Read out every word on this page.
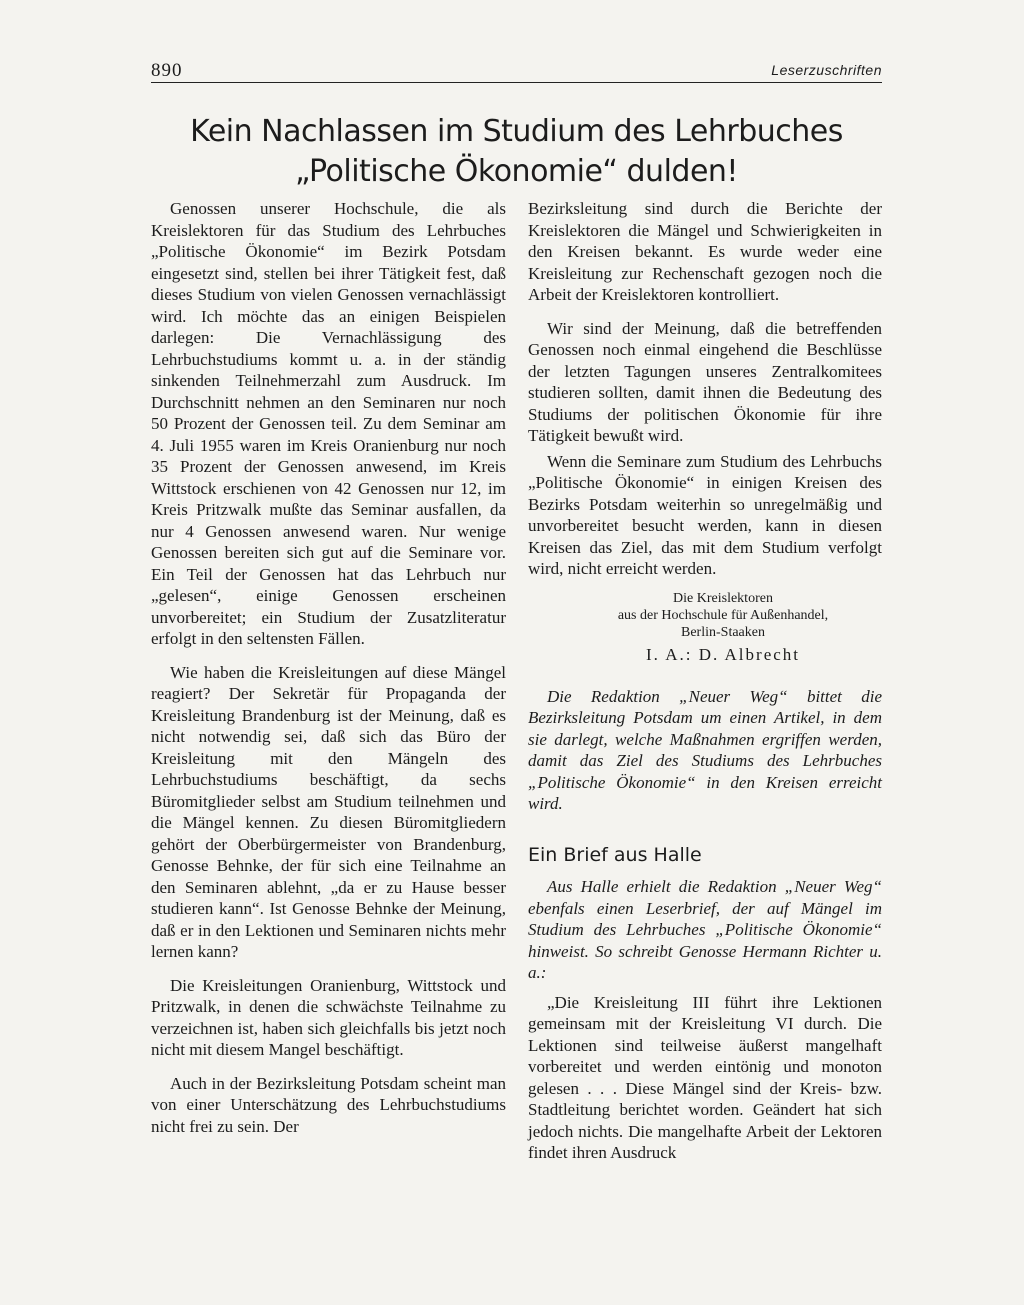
890	Leserzuschriften
Kein Nachlassen im Studium des Lehrbuches
„Politische Ökonomie“ dulden!

Genossen unserer Hochschule, die als Kreislektoren für das Studium des Lehrbuches „Politische Ökonomie“ im Bezirk Potsdam eingesetzt sind, stellen bei ihrer Tätigkeit fest, daß dieses Studium von vielen Genossen vernachlässigt wird. Ich möchte das an einigen Beispielen darlegen: Die Vernachlässigung des Lehrbuchstudiums kommt u. a. in der ständig sinkenden Teilnehmerzahl zum Ausdruck. Im Durchschnitt nehmen an den Seminaren nur noch 50 Prozent der Genossen teil. Zu dem Seminar am 4. Juli 1955 waren im Kreis Oranienburg nur noch 35 Prozent der Genossen anwesend, im Kreis Wittstock erschienen von 42 Genossen nur 12, im Kreis Pritzwalk mußte das Seminar ausfallen, da nur 4 Genossen anwesend waren. Nur wenige Genossen bereiten sich gut auf die Seminare vor. Ein Teil der Genossen hat das Lehrbuch nur „gelesen“, einige Genossen erscheinen unvorbereitet; ein Studium der Zusatzliteratur erfolgt in den seltensten Fällen.

Wie haben die Kreisleitungen auf diese Mängel reagiert? Der Sekretär für Propaganda der Kreisleitung Brandenburg ist der Meinung, daß es nicht notwendig sei, daß sich das Büro der Kreisleitung mit den Mängeln des Lehrbuchstudiums beschäftigt, da sechs Büromitglieder selbst am Studium teilnehmen und die Mängel kennen. Zu diesen Büromitgliedern gehört der Oberbürgermeister von Brandenburg, Genosse Behnke, der für sich eine Teilnahme an den Seminaren ablehnt, „da er zu Hause besser studieren kann“. Ist Genosse Behnke der Meinung, daß er in den Lektionen und Seminaren nichts mehr lernen kann?

Die Kreisleitungen Oranienburg, Wittstock und Pritzwalk, in denen die schwächste Teilnahme zu verzeichnen ist, haben sich gleichfalls bis jetzt noch nicht mit diesem Mangel beschäftigt.

Auch in der Bezirksleitung Potsdam scheint man von einer Unterschätzung des Lehrbuchstudiums nicht frei zu sein. Der

Bezirksleitung sind durch die Berichte der Kreislektoren die Mängel und Schwierigkeiten in den Kreisen bekannt. Es wurde weder eine Kreisleitung zur Rechenschaft gezogen noch die Arbeit der Kreislektoren kontrolliert.

Wir sind der Meinung, daß die betreffenden Genossen noch einmal eingehend die Beschlüsse der letzten Tagungen unseres Zentralkomitees studieren sollten, damit ihnen die Bedeutung des Studiums der politischen Ökonomie für ihre Tätigkeit bewußt wird.

Wenn die Seminare zum Studium des Lehrbuchs „Politische Ökonomie“ in einigen Kreisen des Bezirks Potsdam weiterhin so unregelmäßig und unvorbereitet besucht werden, kann in diesen Kreisen das Ziel, das mit dem Studium verfolgt wird, nicht erreicht werden.

Die Kreislektoren
aus der Hochschule für Außenhandel,
Berlin-Staaken
I. A.: D. Albrecht

Die Redaktion „Neuer Weg“ bittet die Bezirksleitung Potsdam um einen Artikel, in dem sie darlegt, welche Maßnahmen ergriffen werden, damit das Ziel des Studiums des Lehrbuches „Politische Ökonomie“ in den Kreisen erreicht wird.

Ein Brief aus Halle

Aus Halle erhielt die Redaktion „Neuer Weg“ ebenfals einen Leserbrief, der auf Mängel im Studium des Lehrbuches „Politische Ökonomie“ hinweist. So schreibt Genosse Hermann Richter u. a.:

„Die Kreisleitung III führt ihre Lektionen gemeinsam mit der Kreisleitung VI durch. Die Lektionen sind teilweise äußerst mangelhaft vorbereitet und werden eintönig und monoton gelesen . . . Diese Mängel sind der Kreis- bzw. Stadtleitung berichtet worden. Geändert hat sich jedoch nichts. Die mangelhafte Arbeit der Lektoren findet ihren Ausdruck
